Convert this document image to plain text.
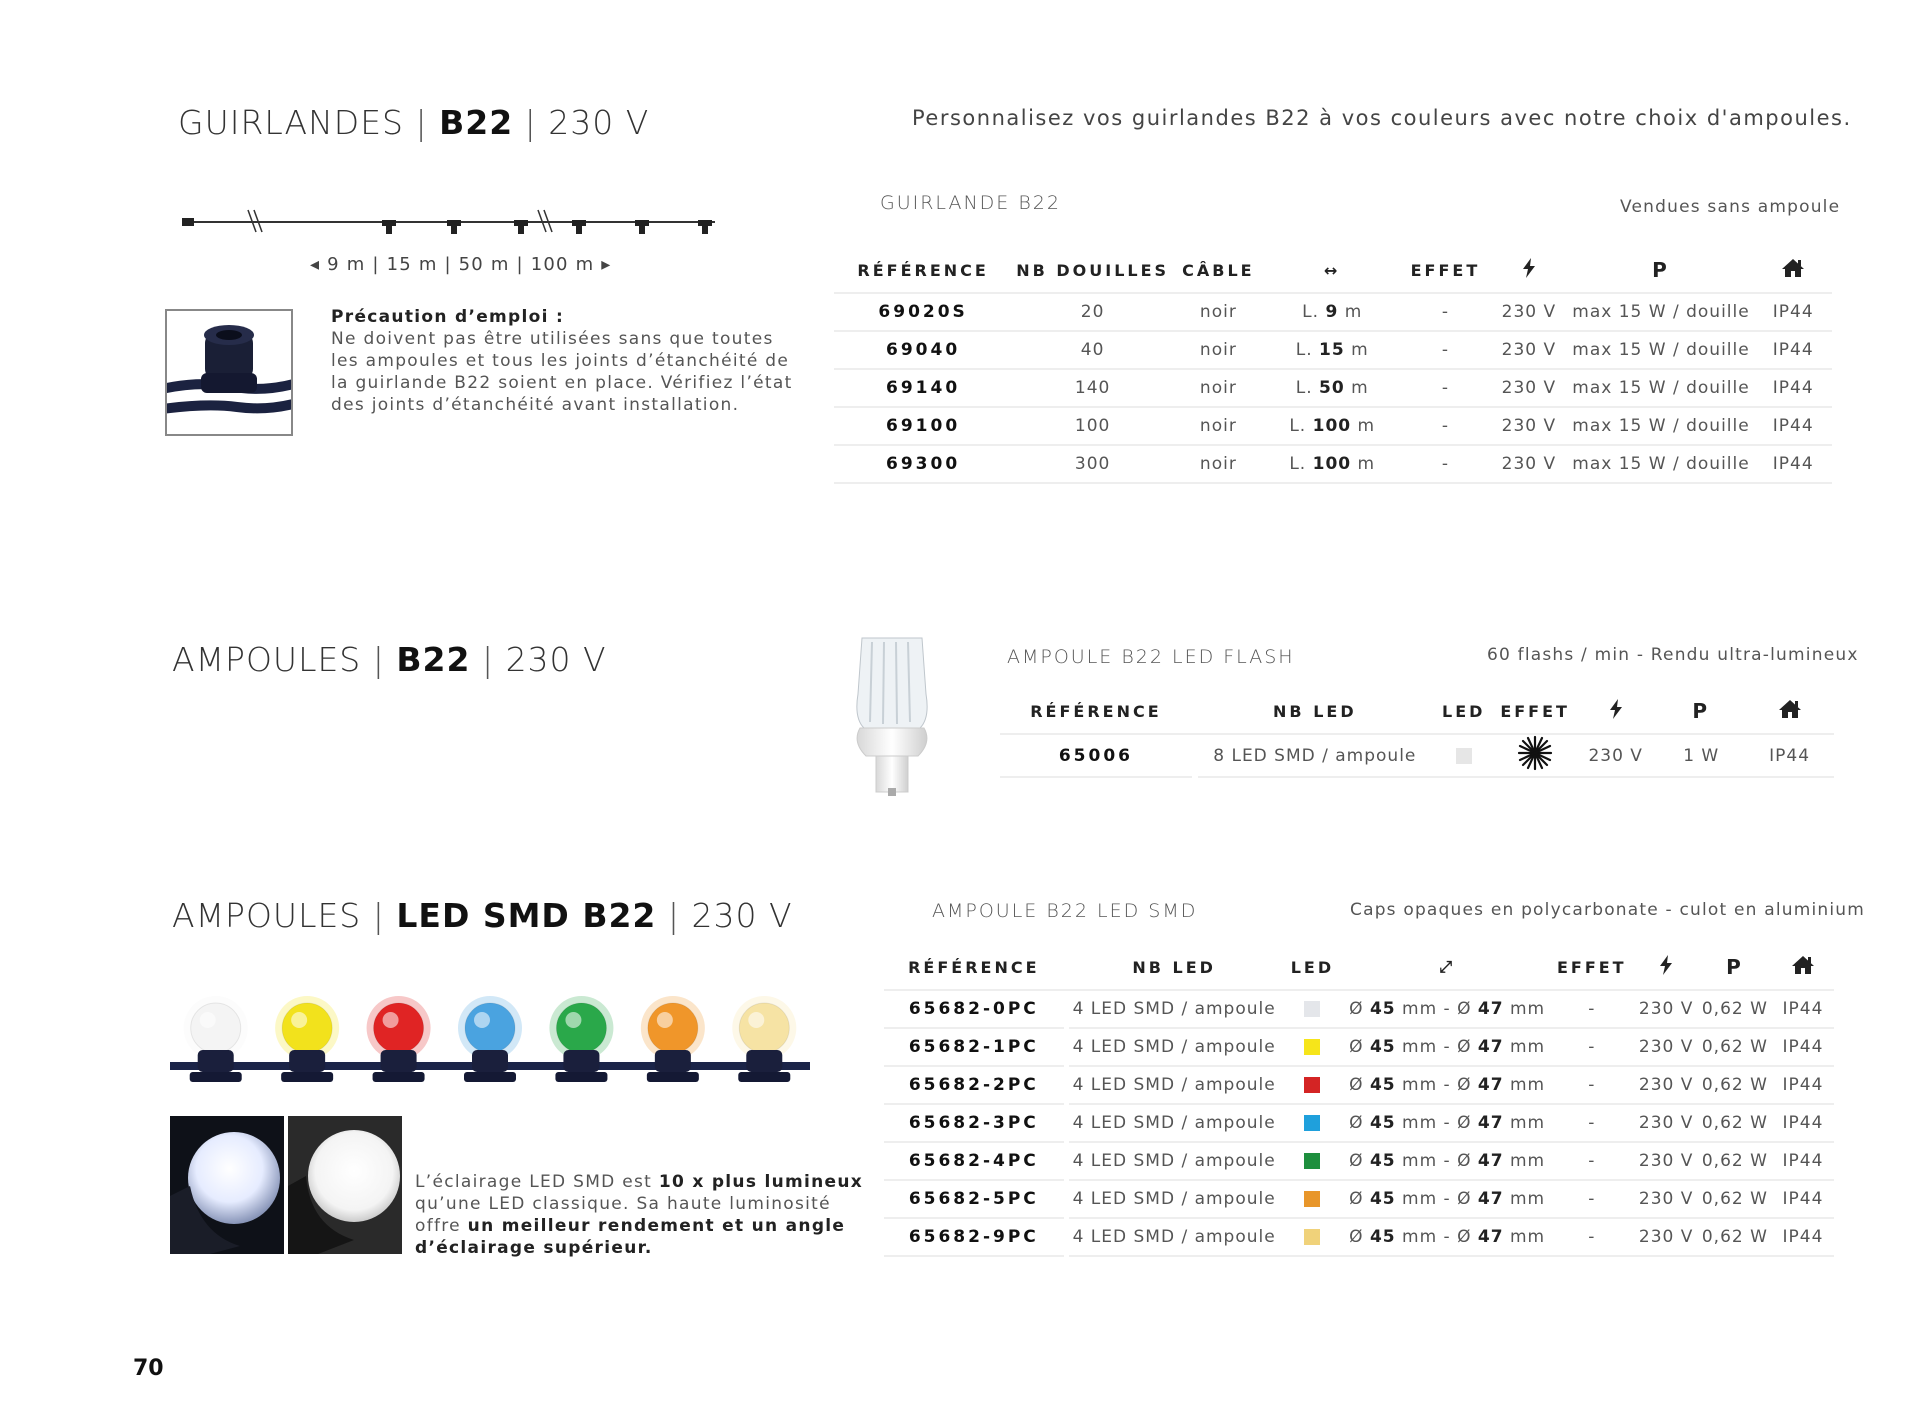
GUIRLANDES | B22 | 230 V	Personnalisez vos guirlandes B22 à vos couleurs avec notre choix d'ampoules.
◂ 9 m | 15 m | 50 m | 100 m ▸
Précaution d’emploi :
Ne doivent pas être utilisées sans que toutes
les ampoules et tous les joints d’étanchéité de
la guirlande B22 soient en place. Vérifiez l’état
des joints d’étanchéité avant installation.
GUIRLANDE B22	Vendues sans ampoule
RÉFÉRENCE	NB DOUILLES	CÂBLE	↔	EFFET		P	
69020S	20	noir	L. 9 m	-	230 V	max 15 W / douille	IP44
69040	40	noir	L. 15 m	-	230 V	max 15 W / douille	IP44
69140	140	noir	L. 50 m	-	230 V	max 15 W / douille	IP44
69100	100	noir	L. 100 m	-	230 V	max 15 W / douille	IP44
69300	300	noir	L. 100 m	-	230 V	max 15 W / douille	IP44
AMPOULES | B22 | 230 V	AMPOULE B22 LED FLASH	60 flashs / min - Rendu ultra-lumineux
RÉFÉRENCE		NB LED	LED	EFFET		P	
65006		8 LED SMD / ampoule			230 V	1 W	IP44
AMPOULES | LED SMD B22 | 230 V
L’éclairage LED SMD est 10 x plus lumineux
qu’une LED classique. Sa haute luminosité
offre un meilleur rendement et un angle
d’éclairage supérieur.
AMPOULE B22 LED SMD	Caps opaques en polycarbonate - culot en aluminium
RÉFÉRENCE		NB LED	LED	⤢	EFFET		P	
65682-0PC		4 LED SMD / ampoule		Ø 45 mm - Ø 47 mm	-	230 V	0,62 W	IP44
65682-1PC		4 LED SMD / ampoule		Ø 45 mm - Ø 47 mm	-	230 V	0,62 W	IP44
65682-2PC		4 LED SMD / ampoule		Ø 45 mm - Ø 47 mm	-	230 V	0,62 W	IP44
65682-3PC		4 LED SMD / ampoule		Ø 45 mm - Ø 47 mm	-	230 V	0,62 W	IP44
65682-4PC		4 LED SMD / ampoule		Ø 45 mm - Ø 47 mm	-	230 V	0,62 W	IP44
65682-5PC		4 LED SMD / ampoule		Ø 45 mm - Ø 47 mm	-	230 V	0,62 W	IP44
65682-9PC		4 LED SMD / ampoule		Ø 45 mm - Ø 47 mm	-	230 V	0,62 W	IP44
70
